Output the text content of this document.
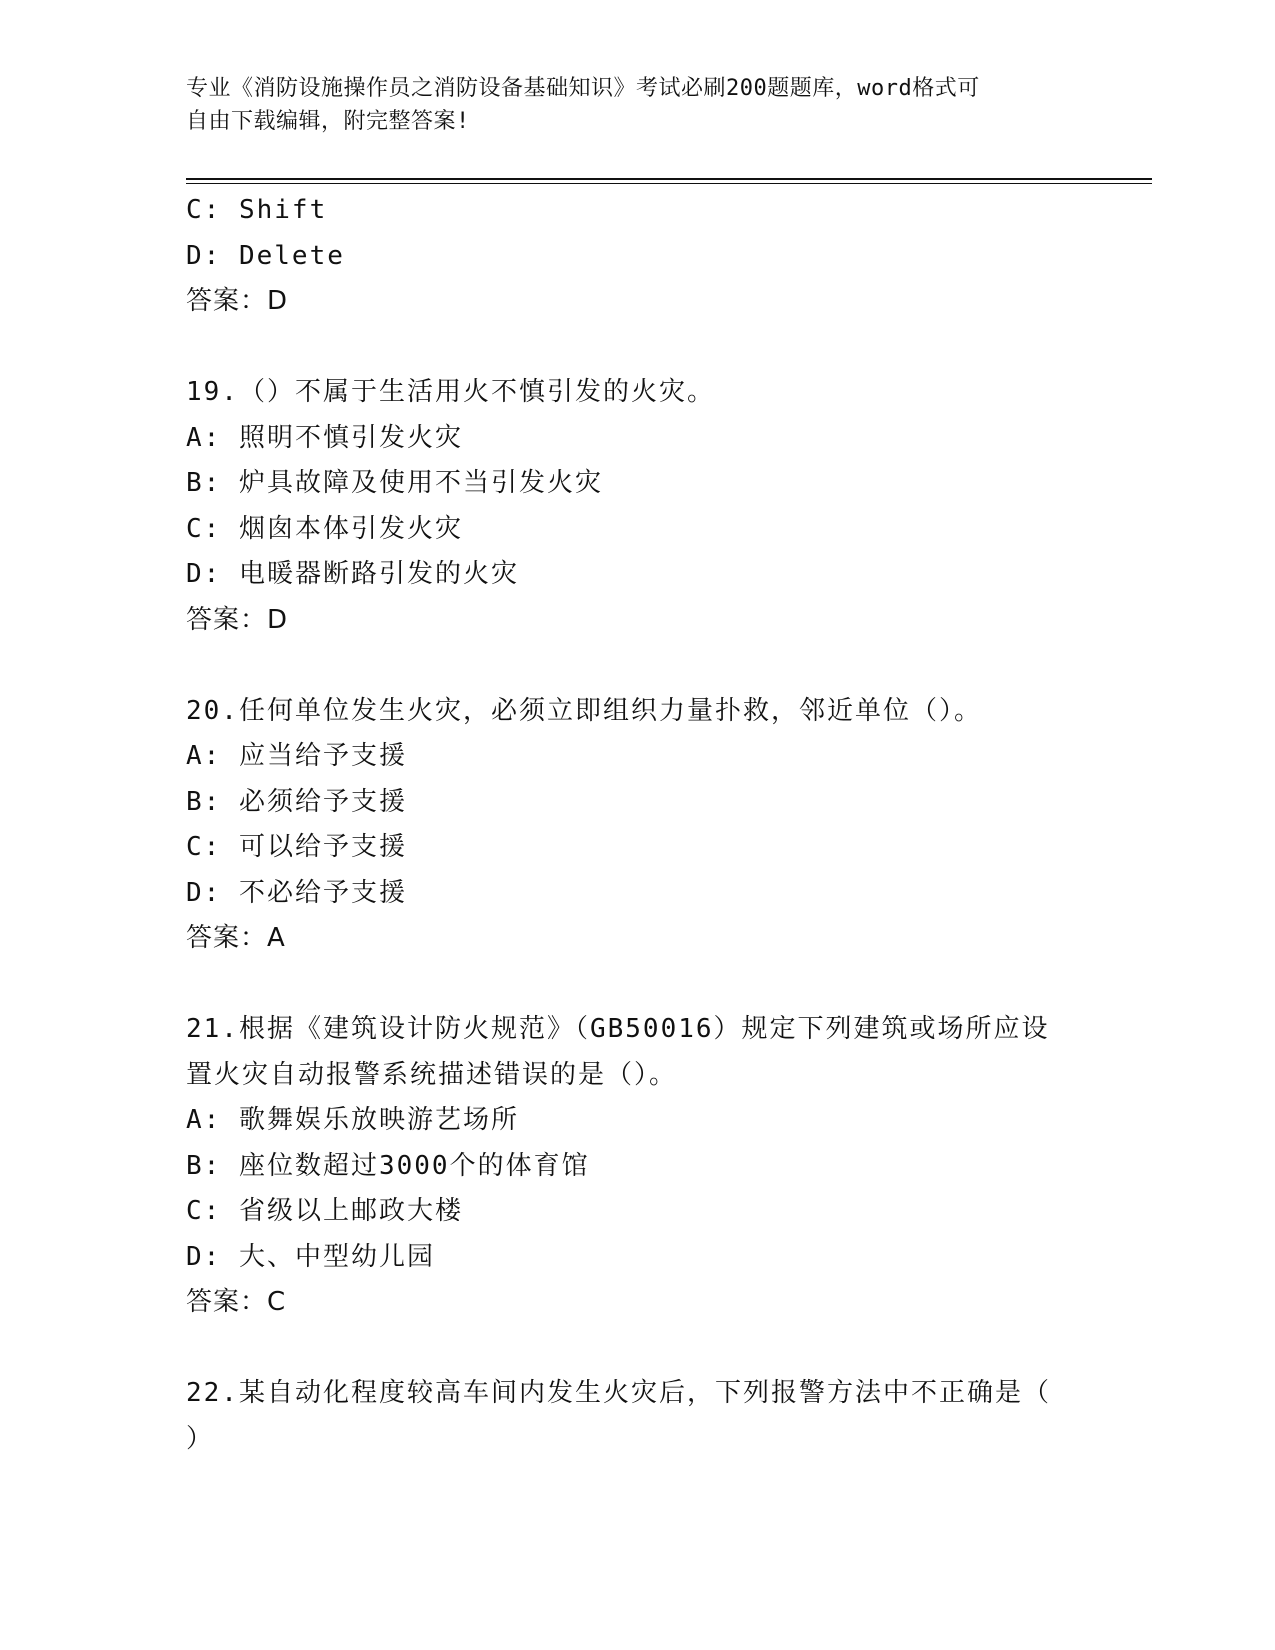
专业《消防设施操作员之消防设备基础知识》考试必刷200题题库，word格式可
自由下载编辑，附完整答案!
C: Shift
D: Delete
答案：D
19.（）不属于生活用火不慎引发的火灾。
A: 照明不慎引发火灾
B: 炉具故障及使用不当引发火灾
C: 烟囱本体引发火灾
D: 电暖器断路引发的火灾
答案：D
20.任何单位发生火灾，必须立即组织力量扑救，邻近单位（）。
A: 应当给予支援
B: 必须给予支援
C: 可以给予支援
D: 不必给予支援
答案：A
21.根据《建筑设计防火规范》（GB50016）规定下列建筑或场所应设
置火灾自动报警系统描述错误的是（）。
A: 歌舞娱乐放映游艺场所
B: 座位数超过3000个的体育馆
C: 省级以上邮政大楼
D: 大、中型幼儿园
答案：C
22.某自动化程度较高车间内发生火灾后，下列报警方法中不正确是（
）
